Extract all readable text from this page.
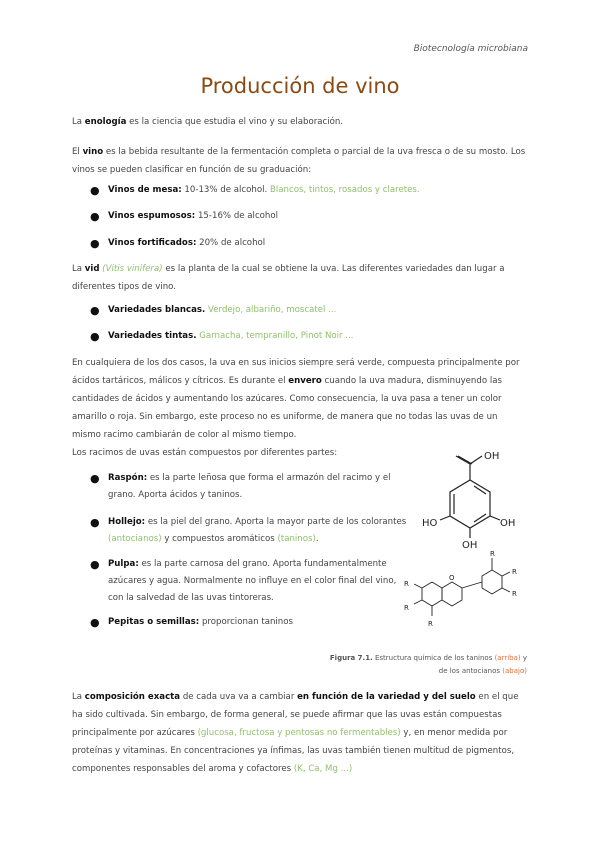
Biotecnología microbiana
Producción de vino
La enología es la ciencia que estudia el vino y su elaboración.
El vino es la bebida resultante de la fermentación completa o parcial de la uva fresca o de su mosto. Los vinos se pueden clasificar en función de su graduación:
● Vinos de mesa: 10-13% de alcohol. Blancos, tintos, rosados y claretes.
● Vinos espumosos: 15-16% de alcohol
● Vinos fortificados: 20% de alcohol
La vid (Vitis vinifera) es la planta de la cual se obtiene la uva. Las diferentes variedades dan lugar a diferentes tipos de vino.
● Variedades blancas. Verdejo, albariño, moscatel ...
● Variedades tintas. Garnacha, tempranillo, Pinot Noir ...
En cualquiera de los dos casos, la uva en sus inicios siempre será verde, compuesta principalmente por ácidos tartáricos, málicos y cítricos. Es durante el envero cuando la uva madura, disminuyendo las cantidades de ácidos y aumentando los azúcares. Como consecuencia, la uva pasa a tener un color amarillo o roja. Sin embargo, este proceso no es uniforme, de manera que no todas las uvas de un mismo racimo cambiarán de color al mismo tiempo.
Los racimos de uvas están compuestos por diferentes partes:
● Raspón: es la parte leñosa que forma el armazón del racimo y el grano. Aporta ácidos y taninos.
● Hollejo: es la piel del grano. Aporta la mayor parte de los colorantes (antocianos) y compuestos aromáticos (taninos).
● Pulpa: es la parte carnosa del grano. Aporta fundamentalmente azúcares y agua. Normalmente no influye en el color final del vino, con la salvedad de las uvas tintoreras.
● Pepitas o semillas: proporcionan taninos
OH
HO	OH
OH
R
R
R
R
R
R
O
Figura 7.1. Estructura química de los taninos (arriba) y de los antocianos (abajo)
La composición exacta de cada uva va a cambiar en función de la variedad y del suelo en el que ha sido cultivada. Sin embargo, de forma general, se puede afirmar que las uvas están compuestas principalmente por azúcares (glucosa, fructosa y pentosas no fermentables) y, en menor medida por proteínas y vitaminas. En concentraciones ya ínfimas, las uvas también tienen multitud de pigmentos, componentes responsables del aroma y cofactores (K, Ca, Mg ...)
